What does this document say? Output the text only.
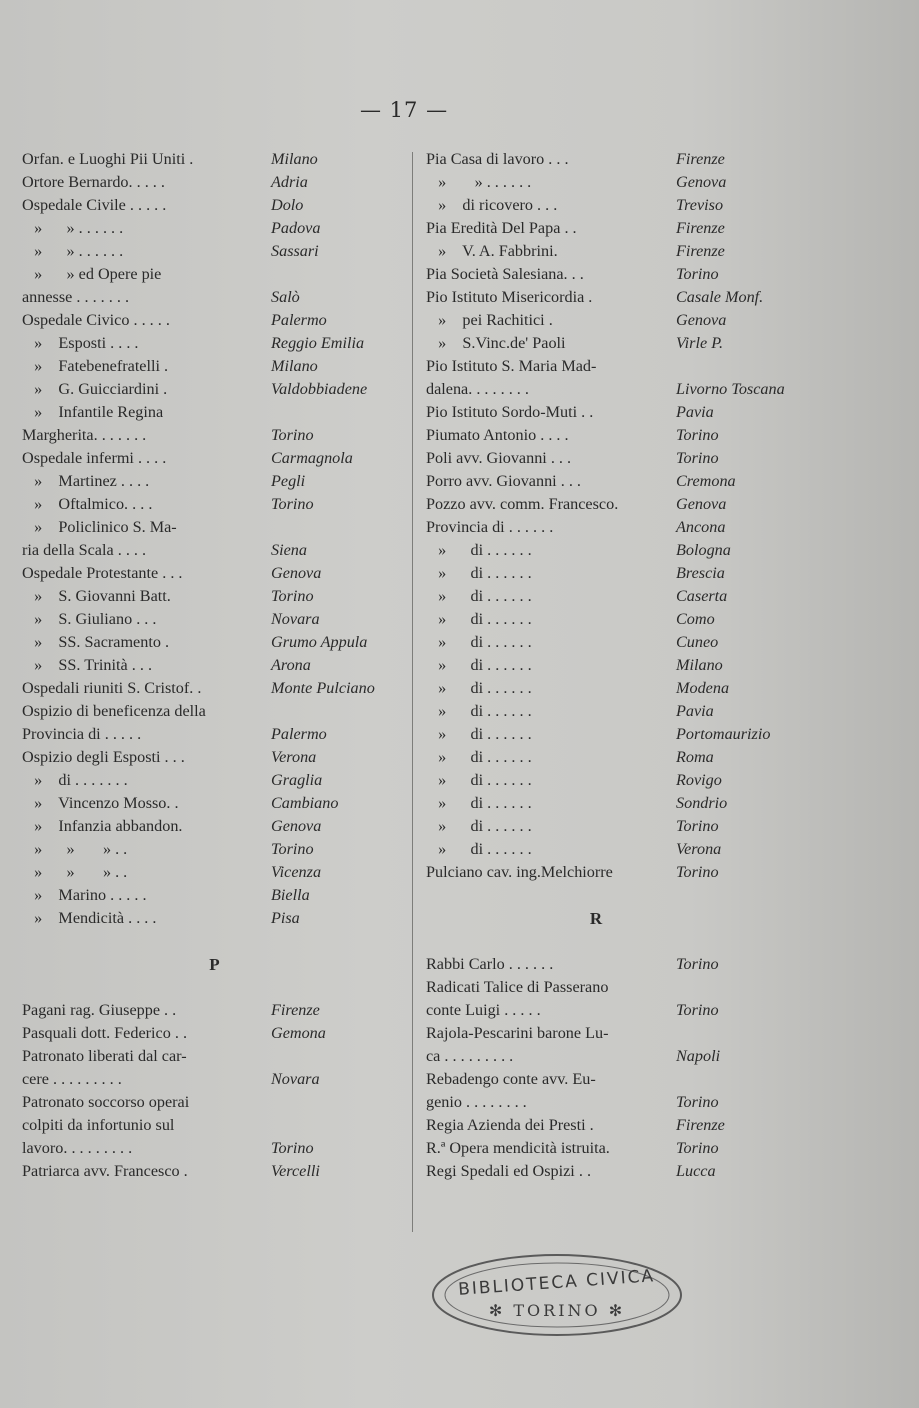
— 17 —
Orfan. e Luoghi Pii Uniti .	Milano
Ortore Bernardo. . . . .	Adria
Ospedale Civile . . . . .	Dolo
»      » . . . . . .	Padova
»      » . . . . . .	Sassari
»      » ed Opere pie
annesse . . . . . . .	Salò
Ospedale Civico . . . . .	Palermo
»    Esposti . . . .	Reggio Emilia
»    Fatebenefratelli .	Milano
»    G. Guicciardini .	Valdobbiadene
»    Infantile Regina
Margherita. . . . . . .	Torino
Ospedale infermi . . . .	Carmagnola
»    Martinez . . . .	Pegli
»    Oftalmico. . . .	Torino
»    Policlinico S. Ma-
ria della Scala . . . .	Siena
Ospedale Protestante . . .	Genova
»    S. Giovanni Batt.	Torino
»    S. Giuliano . . .	Novara
»    SS. Sacramento .	Grumo Appula
»    SS. Trinità . . .	Arona
Ospedali riuniti S. Cristof. .	Monte Pulciano
Ospizio di beneficenza della
Provincia di . . . . .	Palermo
Ospizio degli Esposti . . .	Verona
»    di . . . . . . .	Graglia
»    Vincenzo Mosso. .	Cambiano
»    Infanzia abbandon.	Genova
»      »       » . .	Torino
»      »       » . .	Vicenza
»    Marino . . . . .	Biella
»    Mendicità . . . .	Pisa
P
Pagani rag. Giuseppe . .	Firenze
Pasquali dott. Federico . .	Gemona
Patronato liberati dal car-
cere . . . . . . . . .	Novara
Patronato soccorso operai
colpiti da infortunio sul
lavoro. . . . . . . . .	Torino
Patriarca avv. Francesco .	Vercelli
Pia Casa di lavoro . . .	Firenze
»       » . . . . . .	Genova
»    di ricovero . . .	Treviso
Pia Eredità Del Papa . .	Firenze
»    V. A. Fabbrini.	Firenze
Pia Società Salesiana. . .	Torino
Pio Istituto Misericordia .	Casale Monf.
»    pei Rachitici .	Genova
»    S.Vinc.de' Paoli	Virle P.
Pio Istituto S. Maria Mad-
dalena. . . . . . . .	Livorno Toscana
Pio Istituto Sordo-Muti . .	Pavia
Piumato Antonio . . . .	Torino
Poli avv. Giovanni . . .	Torino
Porro avv. Giovanni . . .	Cremona
Pozzo avv. comm. Francesco.	Genova
Provincia di . . . . . .	Ancona
»      di . . . . . .	Bologna
»      di . . . . . .	Brescia
»      di . . . . . .	Caserta
»      di . . . . . .	Como
»      di . . . . . .	Cuneo
»      di . . . . . .	Milano
»      di . . . . . .	Modena
»      di . . . . . .	Pavia
»      di . . . . . .	Portomaurizio
»      di . . . . . .	Roma
»      di . . . . . .	Rovigo
»      di . . . . . .	Sondrio
»      di . . . . . .	Torino
»      di . . . . . .	Verona
Pulciano cav. ing.Melchiorre	Torino
R
Rabbi Carlo . . . . . .	Torino
Radicati Talice di Passerano
conte Luigi . . . . .	Torino
Rajola-Pescarini barone Lu-
ca . . . . . . . . .	Napoli
Rebadengo conte avv. Eu-
genio . . . . . . . .	Torino
Regia Azienda dei Presti .	Firenze
R.ª Opera mendicità istruita.	Torino
Regi Spedali ed Ospizi . .	Lucca
BIBLIOTECA CIVICA
✻ TORINO ✻
